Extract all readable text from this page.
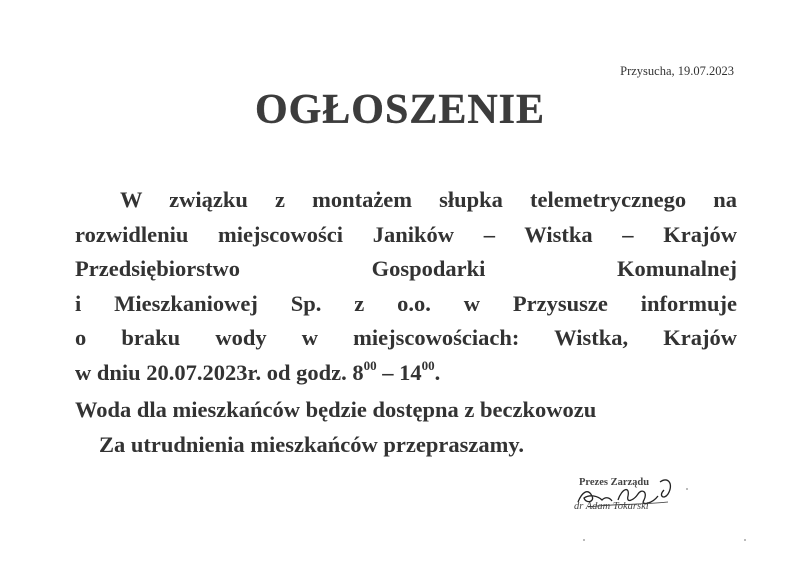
Przysucha, 19.07.2023
OGŁOSZENIE
W związku z montażem słupka telemetrycznego na
rozwidleniu miejscowości Janików – Wistka – Krajów
Przedsiębiorstwo Gospodarki Komunalnej
i Mieszkaniowej Sp. z o.o. w Przysusze informuje
o braku wody w miejscowościach: Wistka, Krajów
w dniu 20.07.2023r. od godz. $8^{00} - 14^{00}$.
Woda dla mieszkańców będzie dostępna z beczkowozu
Za utrudnienia mieszkańców przepraszamy.
Prezes Zarządu
dr Adam Tokarski
